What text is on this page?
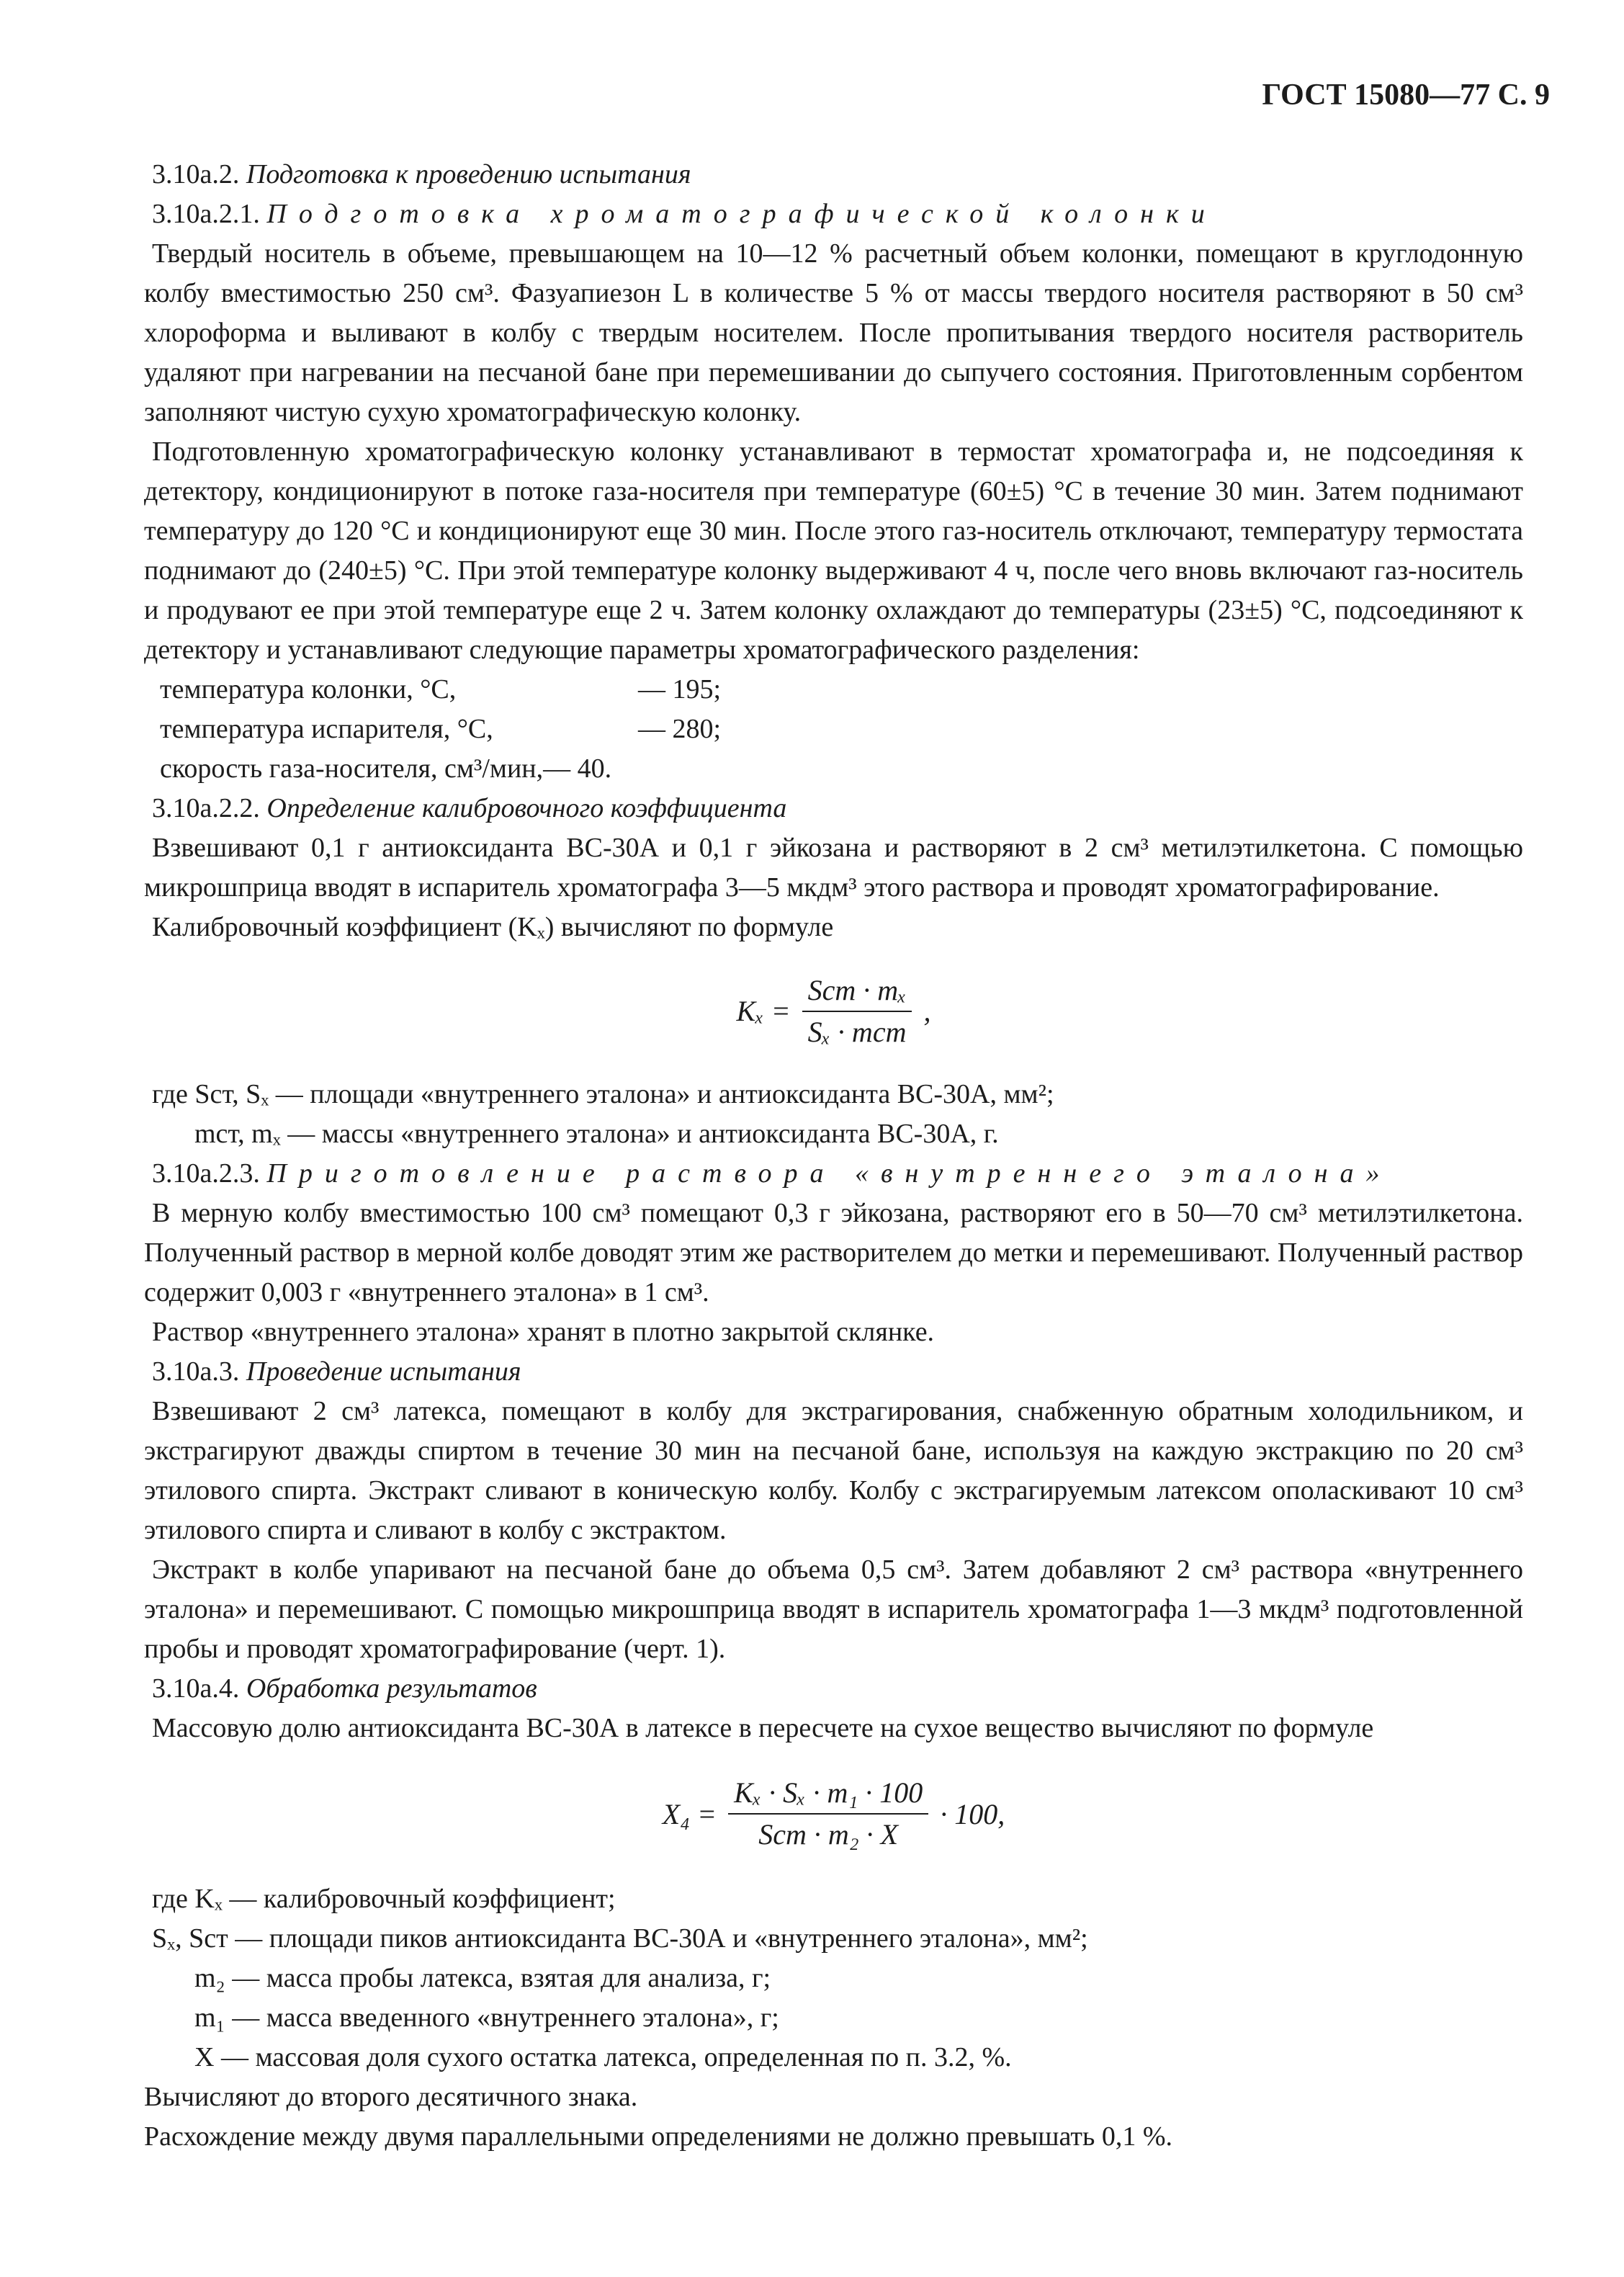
ГОСТ 15080—77 С. 9

3.10а.2. Подготовка к проведению испытания

3.10а.2.1. Подготовка хроматографической колонки

Твердый носитель в объеме, превышающем на 10—12 % расчетный объем колонки, помещают в круглодонную колбу вместимостью 250 см³. Фазуапиезон L в количестве 5 % от массы твердого носителя растворяют в 50 см³ хлороформа и выливают в колбу с твердым носителем. После пропитывания твердого носителя растворитель удаляют при нагревании на песчаной бане при перемешивании до сыпучего состояния. Приготовленным сорбентом заполняют чистую сухую хроматографическую колонку.

Подготовленную хроматографическую колонку устанавливают в термостат хроматографа и, не подсоединяя к детектору, кондиционируют в потоке газа-носителя при температуре (60±5) °С в течение 30 мин. Затем поднимают температуру до 120 °С и кондиционируют еще 30 мин. После этого газ-носитель отключают, температуру термостата поднимают до (240±5) °С. При этой температуре колонку выдерживают 4 ч, после чего вновь включают газ-носитель и продувают ее при этой температуре еще 2 ч. Затем колонку охлаждают до температуры (23±5) °С, подсоединяют к детектору и устанавливают следующие параметры хроматографического разделения:

температура колонки, °С,	— 195;
температура испарителя, °С,	— 280;
скорость газа-носителя, см³/мин,— 40.

3.10а.2.2. Определение калибровочного коэффициента

Взвешивают 0,1 г антиоксиданта ВС-30А и 0,1 г эйкозана и растворяют в 2 см³ метилэтилкетона. С помощью микрошприца вводят в испаритель хроматографа 3—5 мкдм³ этого раствора и проводят хроматографирование.

Калибровочный коэффициент (Kₓ) вычисляют по формуле

$K_x = \frac{\text{Sст · mₓ}}{\text{Sₓ · mст}}$ ,

где Sст, Sₓ — площади «внутреннего эталона» и антиоксиданта ВС-30А, мм²;

mст, mₓ — массы «внутреннего эталона» и антиоксиданта ВС-30А, г.

3.10а.2.3. Приготовление раствора «внутреннего эталона»

В мерную колбу вместимостью 100 см³ помещают 0,3 г эйкозана, растворяют его в 50—70 см³ метилэтилкетона. Полученный раствор в мерной колбе доводят этим же растворителем до метки и перемешивают. Полученный раствор содержит 0,003 г «внутреннего эталона» в 1 см³.

Раствор «внутреннего эталона» хранят в плотно закрытой склянке.

3.10а.3. Проведение испытания

Взвешивают 2 см³ латекса, помещают в колбу для экстрагирования, снабженную обратным холодильником, и экстрагируют дважды спиртом в течение 30 мин на песчаной бане, используя на каждую экстракцию по 20 см³ этилового спирта. Экстракт сливают в коническую колбу. Колбу с экстрагируемым латексом ополаскивают 10 см³ этилового спирта и сливают в колбу с экстрактом.

Экстракт в колбе упаривают на песчаной бане до объема 0,5 см³. Затем добавляют 2 см³ раствора «внутреннего эталона» и перемешивают. С помощью микрошприца вводят в испаритель хроматографа 1—3 мкдм³ подготовленной пробы и проводят хроматографирование (черт. 1).

3.10а.4. Обработка результатов

Массовую долю антиоксиданта ВС-30А в латексе в пересчете на сухое вещество вычисляют по формуле

$X_4 = \frac{\text{Kₓ · Sₓ · m₁ · 100}}{\text{Sст · m₂ · X}} \cdot 100$,

где Kₓ — калибровочный коэффициент;

Sₓ, Sст — площади пиков антиоксиданта ВС-30А и «внутреннего эталона», мм²;

m₂ — масса пробы латекса, взятая для анализа, г;

m₁ — масса введенного «внутреннего эталона», г;

X — массовая доля сухого остатка латекса, определенная по п. 3.2, %.

Вычисляют до второго десятичного знака.

Расхождение между двумя параллельными определениями не должно превышать 0,1 %.
